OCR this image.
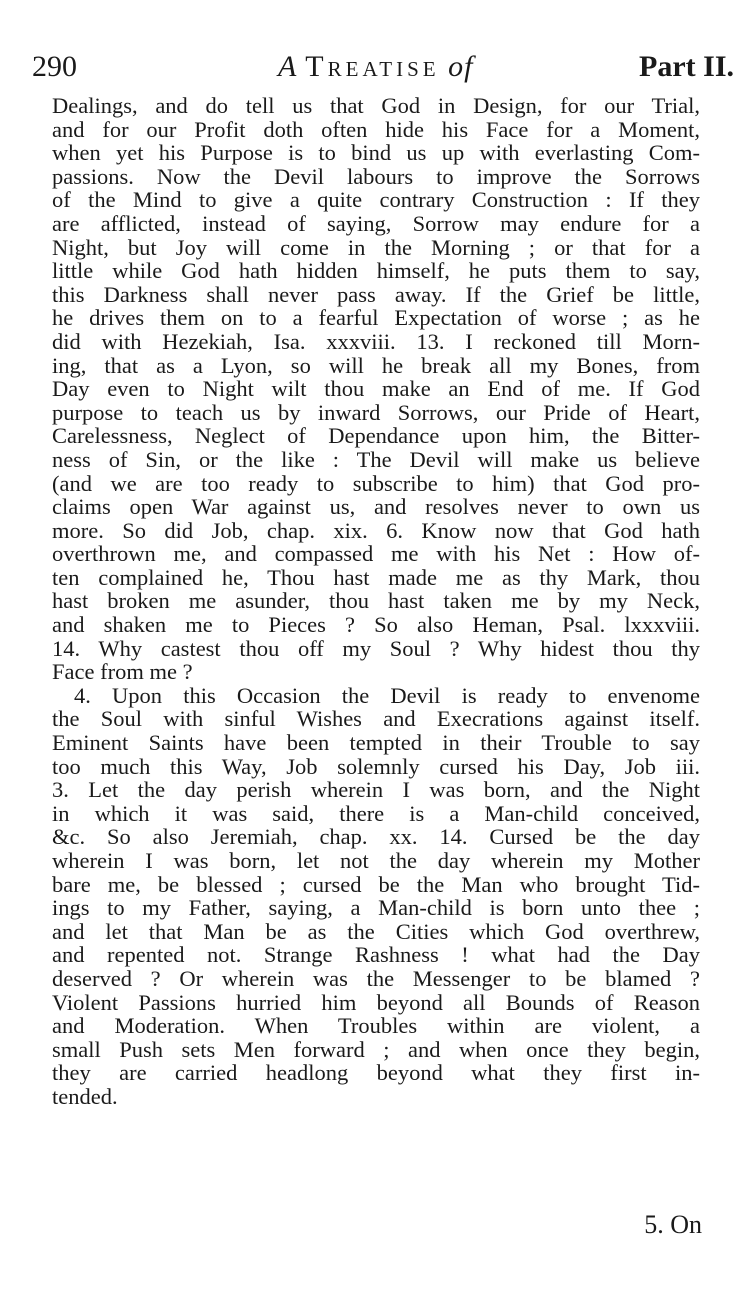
290	A Treatise of	Part II.
Dealings, and do tell us that God in Design, for our Trial,
and for our Profit doth often hide his Face for a Moment,
when yet his Purpose is to bind us up with everlasting Com-
passions. Now the Devil labours to improve the Sorrows
of the Mind to give a quite contrary Construction : If they
are afflicted, instead of saying, Sorrow may endure for a
Night, but Joy will come in the Morning ; or that for a
little while God hath hidden himself, he puts them to say,
this Darkness shall never pass away. If the Grief be little,
he drives them on to a fearful Expectation of worse ; as he
did with Hezekiah, Isa. xxxviii. 13. I reckoned till Morn-
ing, that as a Lyon, so will he break all my Bones, from
Day even to Night wilt thou make an End of me. If God
purpose to teach us by inward Sorrows, our Pride of Heart,
Carelessness, Neglect of Dependance upon him, the Bitter-
ness of Sin, or the like : The Devil will make us believe
(and we are too ready to subscribe to him) that God pro-
claims open War against us, and resolves never to own us
more. So did Job, chap. xix. 6. Know now that God hath
overthrown me, and compassed me with his Net : How of-
ten complained he, Thou hast made me as thy Mark, thou
hast broken me asunder, thou hast taken me by my Neck,
and shaken me to Pieces ? So also Heman, Psal. lxxxviii.
14. Why castest thou off my Soul ? Why hidest thou thy
Face from me ?
4. Upon this Occasion the Devil is ready to envenome
the Soul with sinful Wishes and Execrations against itself.
Eminent Saints have been tempted in their Trouble to say
too much this Way, Job solemnly cursed his Day, Job iii.
3. Let the day perish wherein I was born, and the Night
in which it was said, there is a Man-child conceived,
&c. So also Jeremiah, chap. xx. 14. Cursed be the day
wherein I was born, let not the day wherein my Mother
bare me, be blessed ; cursed be the Man who brought Tid-
ings to my Father, saying, a Man-child is born unto thee ;
and let that Man be as the Cities which God overthrew,
and repented not. Strange Rashness ! what had the Day
deserved ? Or wherein was the Messenger to be blamed ?
Violent Passions hurried him beyond all Bounds of Reason
and Moderation. When Troubles within are violent, a
small Push sets Men forward ; and when once they begin,
they are carried headlong beyond what they first in-
tended.
5. On
